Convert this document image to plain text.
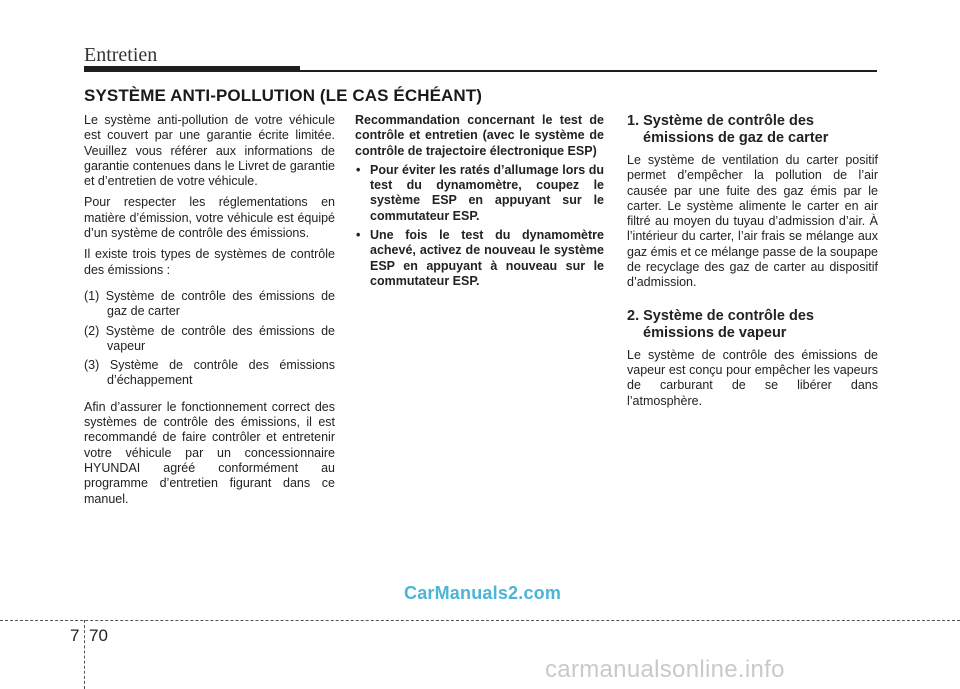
Entretien
SYSTÈME ANTI-POLLUTION (LE CAS ÉCHÉANT)

Le système anti-pollution de votre véhicule est couvert par une garantie écrite limitée. Veuillez vous référer aux informations de garantie contenues dans le Livret de garantie et d’entretien de votre véhicule.

Pour respecter les réglementations en matière d’émission, votre véhicule est équipé d’un système de contrôle des émissions.

Il existe trois types de systèmes de contrôle des émissions :

(1) Système de contrôle des émissions de gaz de carter

(2) Système de contrôle des émissions de vapeur

(3) Système de contrôle des émissions d’échappement

Afin d’assurer le fonctionnement correct des systèmes de contrôle des émissions, il est recommandé de faire contrôler et entretenir votre véhicule par un concessionnaire HYUNDAI agréé conformément au programme d’entretien figurant dans ce manuel.

Recommandation concernant le test de contrôle et entretien (avec le système de contrôle de trajectoire électronique ESP)

• Pour éviter les ratés d’allumage lors du test du dynamomètre, coupez le système ESP en appuyant sur le commutateur ESP.

• Une fois le test du dynamomètre achevé, activez de nouveau le système ESP en appuyant à nouveau sur le commutateur ESP.

1. Système de contrôle des émissions de gaz de carter

Le système de ventilation du carter positif permet d’empêcher la pollution de l’air causée par une fuite des gaz émis par le carter. Le système alimente le carter en air filtré au moyen du tuyau d’admission d’air. À l’intérieur du carter, l’air frais se mélange aux gaz émis et ce mélange passe de la soupape de recyclage des gaz de carter au dispositif d’admission.

2. Système de contrôle des émissions de vapeur

Le système de contrôle des émissions de vapeur est conçu pour empêcher les vapeurs de carburant de se libérer dans l’atmosphère.

CarManuals2.com
7 70
carmanualsonline.info
